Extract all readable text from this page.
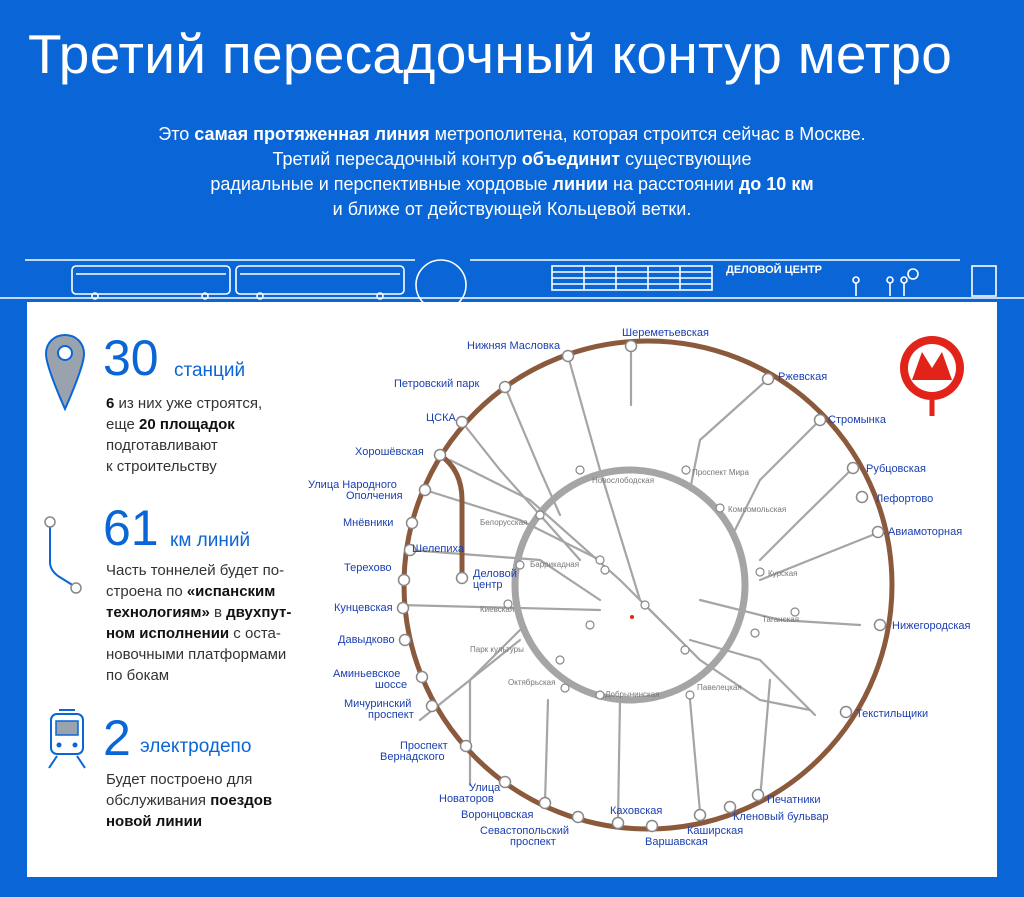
Третий пересадочный контур метро

Это самая протяженная линия метрополитена, которая строится сейчас в Москве.

Третий пересадочный контур объединит существующие

радиальные и перспективные хордовые линии на расстоянии до 10 км

и ближе от действующей Кольцевой ветки.

ДЕЛОВОЙ ЦЕНТР
30 станций
6 из них уже строятся,
еще 20 площадок
подготавливают
к строительству
61 км линий
Часть тоннелей будет по-
строена по «испанским
технологиям» в двухпут-
ном исполнении с оста-
новочными платформами
по бокам
2 электродепо
Будет построено для
обслуживания поездов
новой линии
Шереметьевская
Нижняя Масловка
Ржевская
Петровский парк
Стромынка
ЦСКА
Хорошёвская
Рубцовская
Улица Народного
Ополчения	Лефортово
Мнёвники
Авиамоторная
Шелепиха
Терехово	Деловой
центр
Кунцевская
Нижегородская
Давыдково
Аминьевское
шоссе
Мичуринский
проспект	Текстильщики
Проспект
Вернадского
Улица
Новаторов	Печатники
Каховская
Воронцовская	Кленовый бульвар
Каширская
Севастопольский
проспект	Варшавская
Новослободская
Проспект Мира
Белорусская
Комсомольская
Баррикадная
Курская
Киевская
Таганская
Парк культуры
Октябрьская
Добрынинская
Павелецкая
